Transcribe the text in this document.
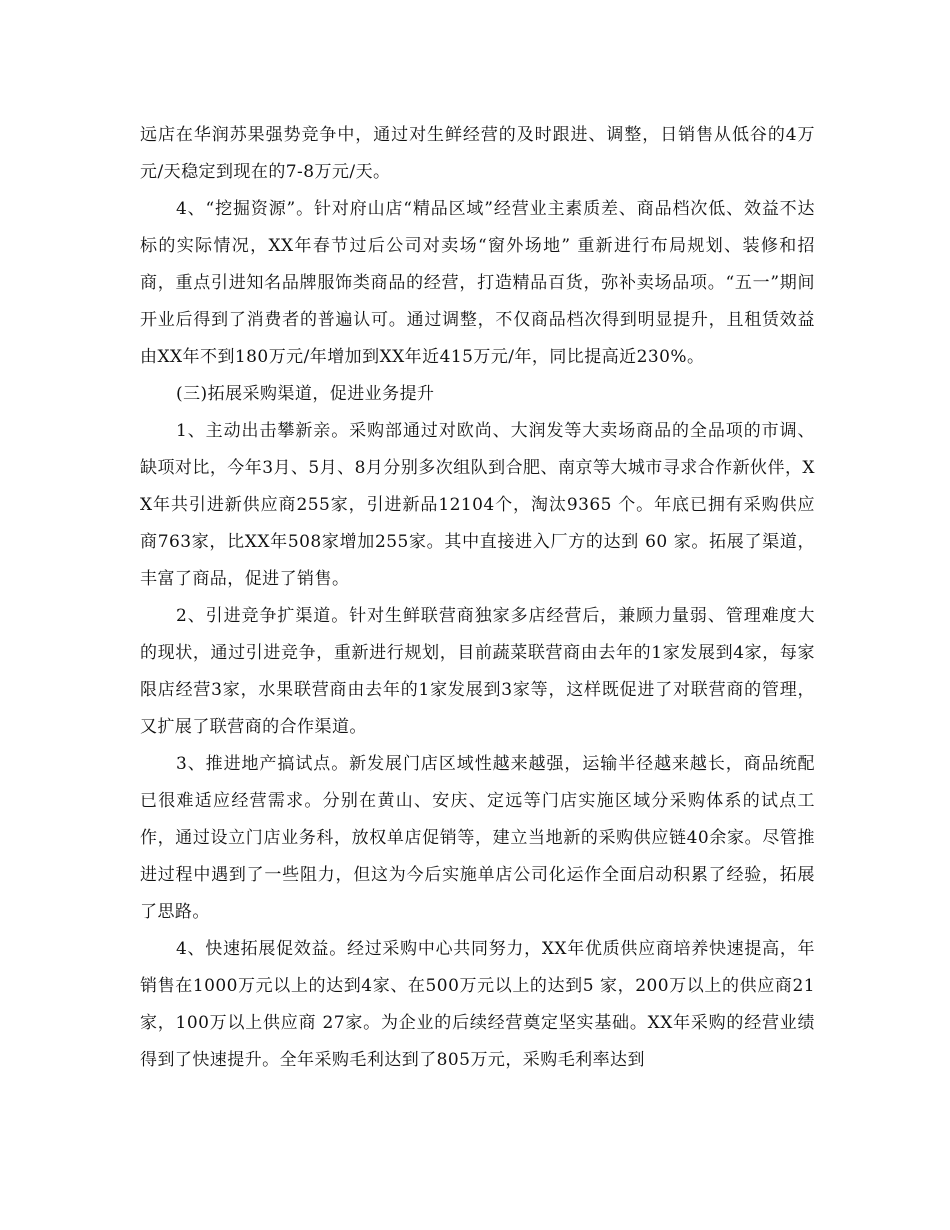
远店在华润苏果强势竞争中，通过对生鲜经营的及时跟进、调整，日销售从低谷的4万元/天稳定到现在的7-8万元/天。

4、“挖掘资源”。针对府山店“精品区域”经营业主素质差、商品档次低、效益不达标的实际情况，XX年春节过后公司对卖场“窗外场地” 重新进行布局规划、装修和招商，重点引进知名品牌服饰类商品的经营，打造精品百货，弥补卖场品项。“五一”期间开业后得到了消费者的普遍认可。通过调整，不仅商品档次得到明显提升，且租赁效益由XX年不到180万元/年增加到XX年近415万元/年，同比提高近230%。

(三)拓展采购渠道，促进业务提升

1、主动出击攀新亲。采购部通过对欧尚、大润发等大卖场商品的全品项的市调、缺项对比，今年3月、5月、8月分别多次组队到合肥、南京等大城市寻求合作新伙伴，XX年共引进新供应商255家，引进新品12104个，淘汰9365 个。年底已拥有采购供应商763家，比XX年508家增加255家。其中直接进入厂方的达到 60 家。拓展了渠道，丰富了商品，促进了销售。

2、引进竞争扩渠道。针对生鲜联营商独家多店经营后，兼顾力量弱、管理难度大的现状，通过引进竞争，重新进行规划，目前蔬菜联营商由去年的1家发展到4家，每家限店经营3家，水果联营商由去年的1家发展到3家等，这样既促进了对联营商的管理，又扩展了联营商的合作渠道。

3、推进地产搞试点。新发展门店区域性越来越强，运输半径越来越长，商品统配已很难适应经营需求。分别在黄山、安庆、定远等门店实施区域分采购体系的试点工作，通过设立门店业务科，放权单店促销等，建立当地新的采购供应链40余家。尽管推进过程中遇到了一些阻力，但这为今后实施单店公司化运作全面启动积累了经验，拓展了思路。

4、快速拓展促效益。经过采购中心共同努力，XX年优质供应商培养快速提高，年销售在1000万元以上的达到4家、在500万元以上的达到5 家，200万以上的供应商21家，100万以上供应商 27家。为企业的后续经营奠定坚实基础。XX年采购的经营业绩得到了快速提升。全年采购毛利达到了805万元，采购毛利率达到
